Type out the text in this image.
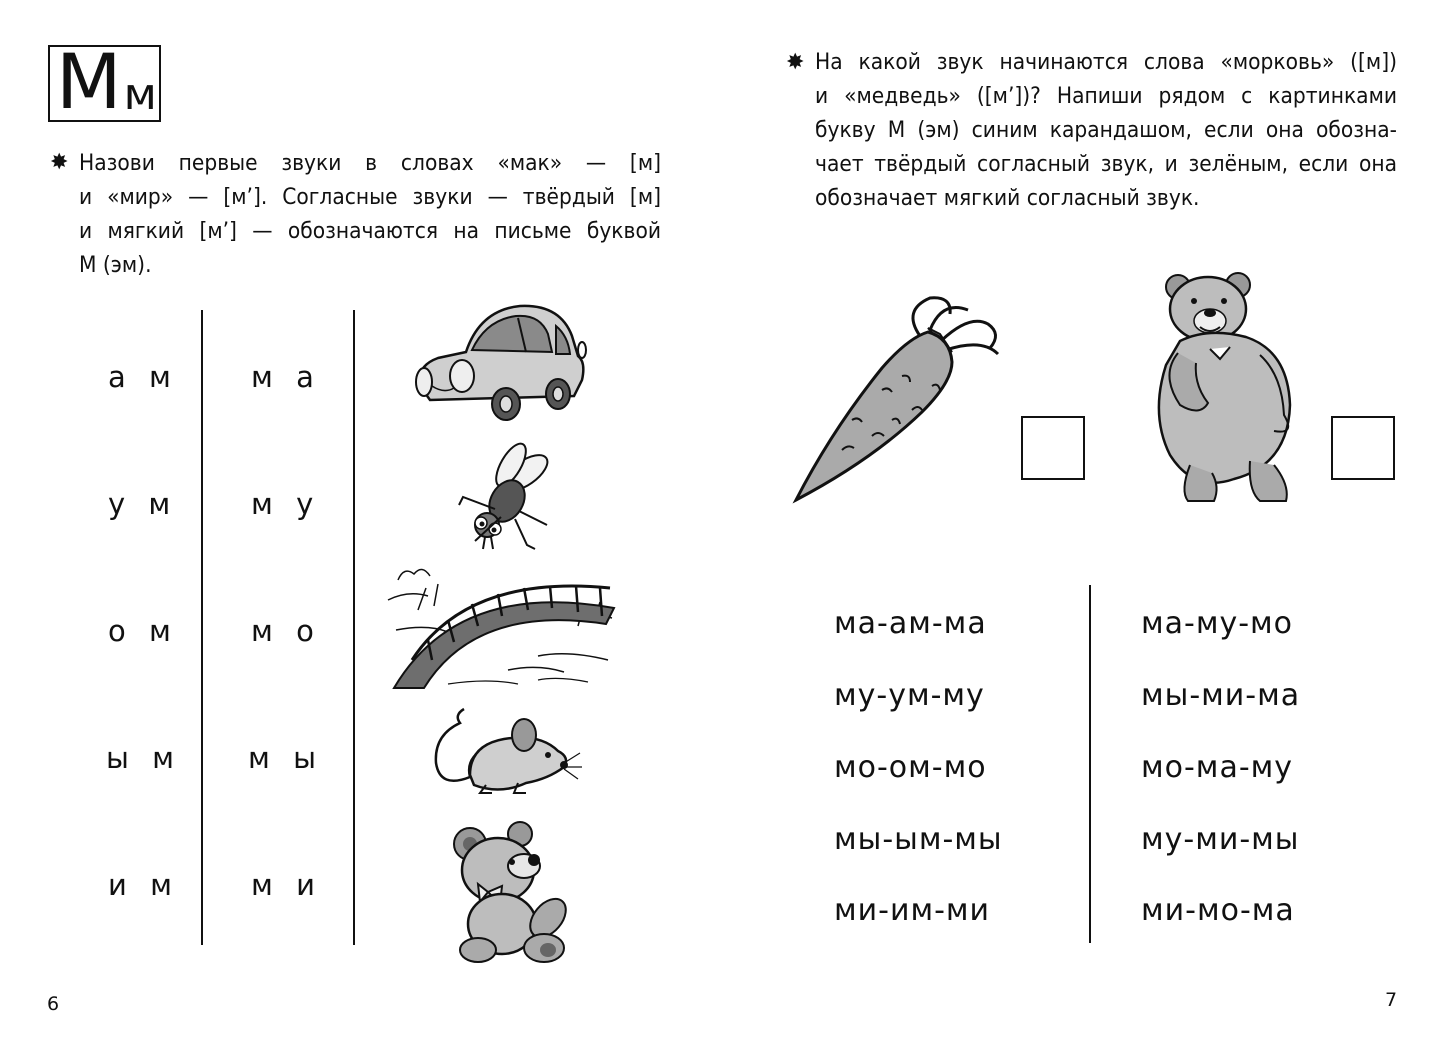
М м
✸ Назови первые звуки в словах «мак» — [м]
и «мир» — [м’]. Согласные звуки — твёрдый [м]
и мягкий [м’] — обозначаются на письме буквой
М (эм).
а м
у м
о м
ы м
и м
м а
м у
м о
м ы
м и
6
✸ На какой звук начинаются слова «морковь» ([м])
и «медведь» ([м’])? Напиши рядом с картинками
букву М (эм) синим карандашом, если она обозна-
чает твёрдый согласный звук, и зелёным, если она
обозначает мягкий согласный звук.
ма-ам-ма
му-ум-му
мо-ом-мо
мы-ым-мы
ми-им-ми
ма-му-мо
мы-ми-ма
мо-ма-му
му-ми-мы
ми-мо-ма
7
